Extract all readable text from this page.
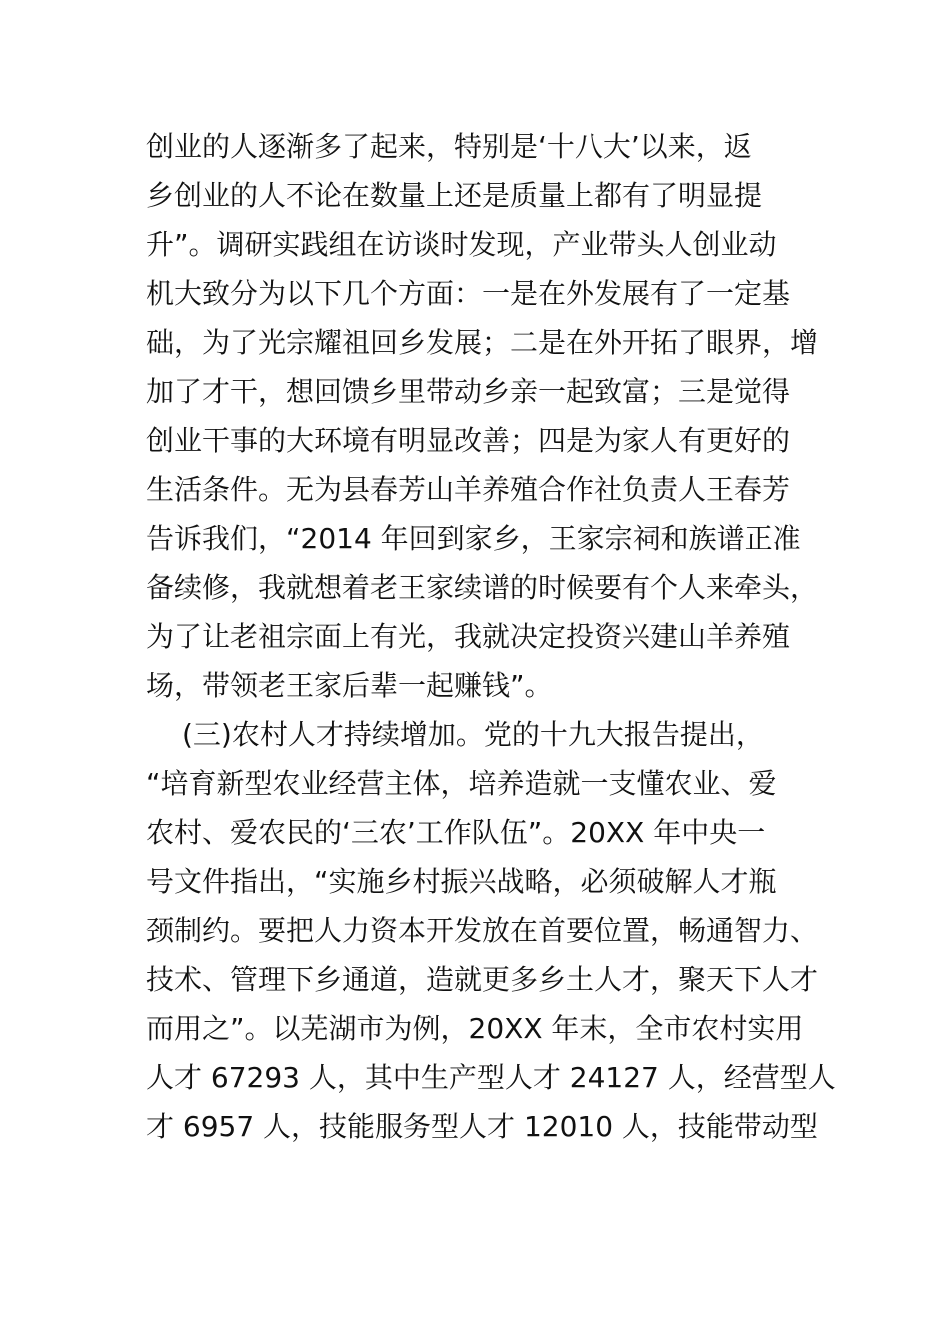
创业的人逐渐多了起来，特别是‘十八大’以来，返
乡创业的人不论在数量上还是质量上都有了明显提
升”。调研实践组在访谈时发现，产业带头人创业动
机大致分为以下几个方面：一是在外发展有了一定基
础，为了光宗耀祖回乡发展；二是在外开拓了眼界，增
加了才干，想回馈乡里带动乡亲一起致富；三是觉得
创业干事的大环境有明显改善；四是为家人有更好的
生活条件。无为县春芳山羊养殖合作社负责人王春芳
告诉我们，“2014 年回到家乡，王家宗祠和族谱正准
备续修，我就想着老王家续谱的时候要有个人来牵头，
为了让老祖宗面上有光，我就决定投资兴建山羊养殖
场，带领老王家后辈一起赚钱”。
(三)农村人才持续增加。党的十九大报告提出，
“培育新型农业经营主体，培养造就一支懂农业、爱
农村、爱农民的‘三农’工作队伍”。20XX 年中央一
号文件指出，“实施乡村振兴战略，必须破解人才瓶
颈制约。要把人力资本开发放在首要位置，畅通智力、
技术、管理下乡通道，造就更多乡土人才，聚天下人才
而用之”。以芜湖市为例，20XX 年末，全市农村实用
人才 67293 人，其中生产型人才 24127 人，经营型人
才 6957 人，技能服务型人才 12010 人，技能带动型
